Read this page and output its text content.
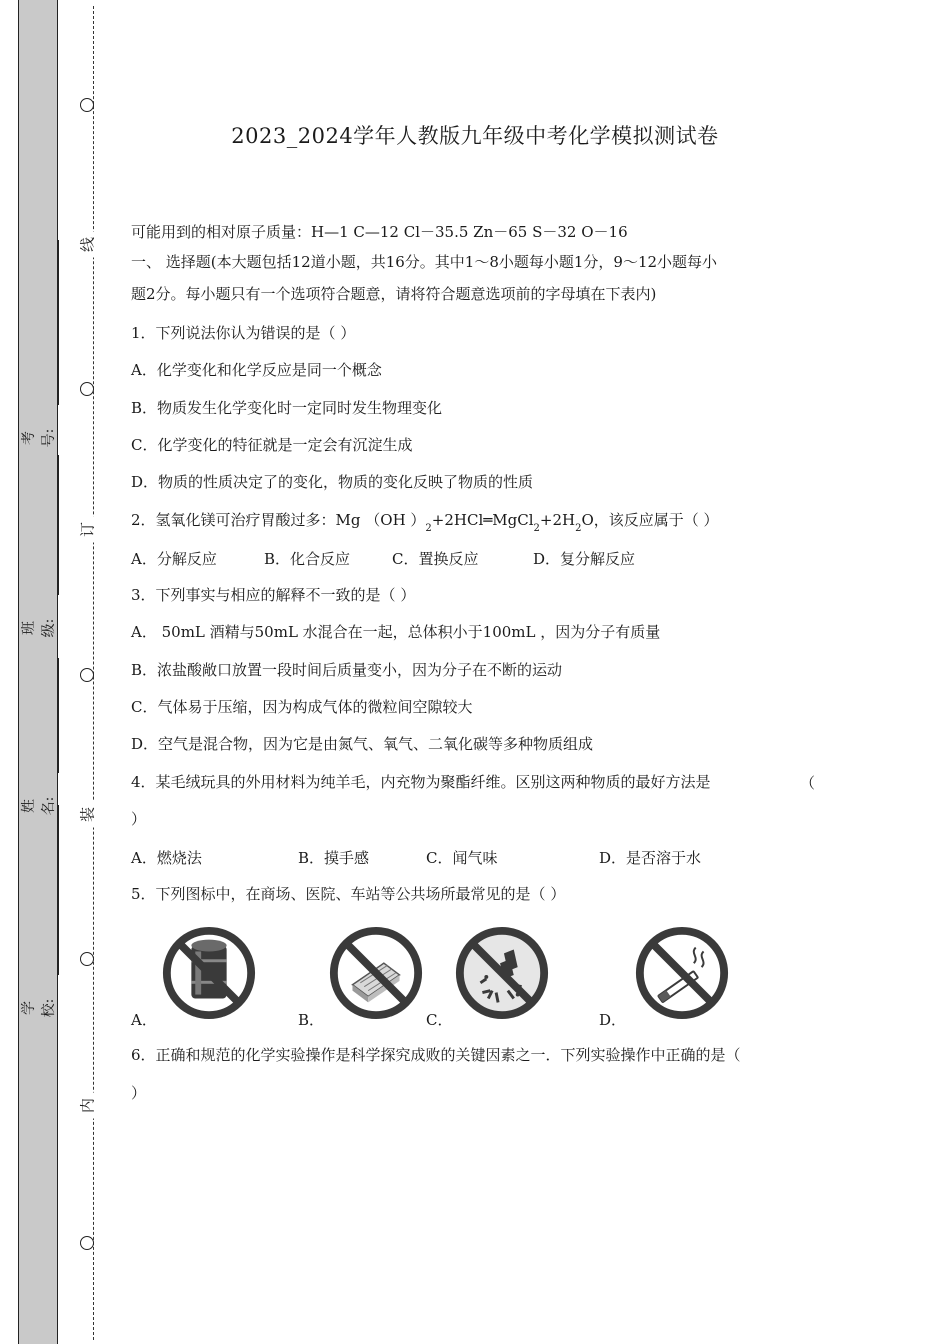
线
订
装
内
考号:
班级:
姓名:
学校:
2023_2024学年人教版九年级中考化学模拟测试卷
可能用到的相对原子质量：H—1 C—12 Cl－35.5 Zn－65 S－32 O－16
一、 选择题(本大题包括12道小题，共16分。其中1～8小题每小题1分，9～12小题每小
题2分。每小题只有一个选项符合题意，请将符合题意选项前的字母填在下表内)
1．下列说法你认为错误的是（ ）
A．化学变化和化学反应是同一个概念
B．物质发生化学变化时一定同时发生物理变化
C．化学变化的特征就是一定会有沉淀生成
D．物质的性质决定了的变化，物质的变化反映了物质的性质
2．氢氧化镁可治疗胃酸过多：Mg （OH ）$_2+2HCl═MgCl_2+2H_2O$，该反应属于（ ）
A．分解反应	B．化合反应	C．置换反应	D．复分解反应
3．下列事实与相应的解释不一致的是（ ）
A． 50mL 酒精与50mL 水混合在一起，总体积小于100mL ，因为分子有质量
B．浓盐酸敞口放置一段时间后质量变小，因为分子在不断的运动
C．气体易于压缩，因为构成气体的微粒间空隙较大
D．空气是混合物，因为它是由氮气、氧气、二氧化碳等多种物质组成
4．某毛绒玩具的外用材料为纯羊毛，内充物为聚酯纤维。区别这两种物质的最好方法是	（
）
A．燃烧法	B．摸手感	C．闻气味	D．是否溶于水
5．下列图标中，在商场、医院、车站等公共场所最常见的是（ ）
A．	B．	C．	D．
6．正确和规范的化学实验操作是科学探究成败的关键因素之一．下列实验操作中正确的是（
）
